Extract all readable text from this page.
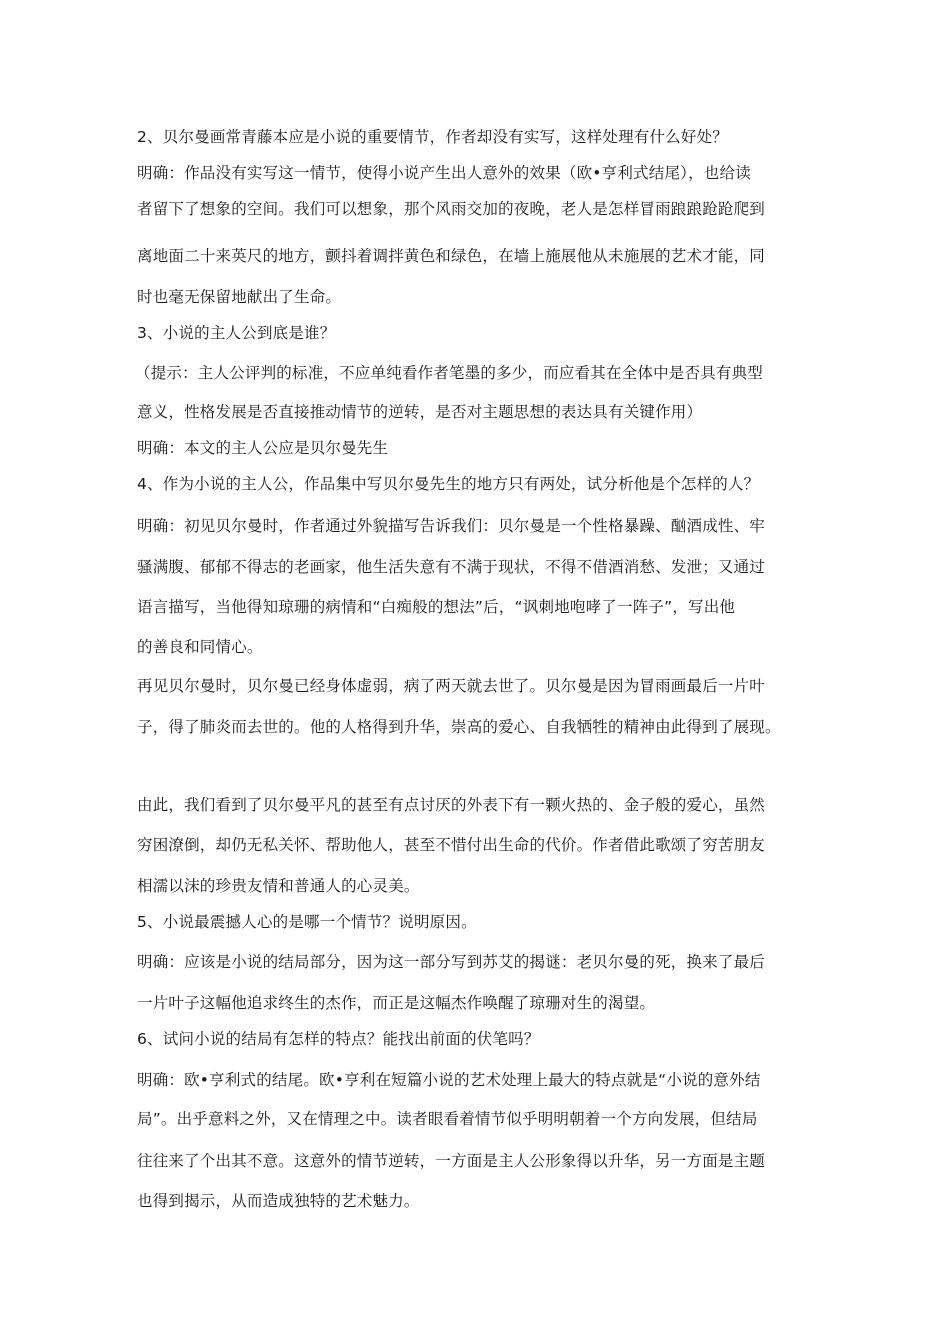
2、贝尔曼画常青藤本应是小说的重要情节，作者却没有实写，这样处理有什么好处？
明确：作品没有实写这一情节，使得小说产生出人意外的效果（欧•亨利式结尾），也给读
者留下了想象的空间。我们可以想象，那个风雨交加的夜晚，老人是怎样冒雨踉踉跄跄爬到
离地面二十来英尺的地方，颤抖着调拌黄色和绿色，在墙上施展他从未施展的艺术才能，同
时也毫无保留地献出了生命。
3、小说的主人公到底是谁？
（提示：主人公评判的标准，不应单纯看作者笔墨的多少，而应看其在全体中是否具有典型
意义，性格发展是否直接推动情节的逆转，是否对主题思想的表达具有关键作用）
明确：本文的主人公应是贝尔曼先生
4、作为小说的主人公，作品集中写贝尔曼先生的地方只有两处，试分析他是个怎样的人？
明确：初见贝尔曼时，作者通过外貌描写告诉我们：贝尔曼是一个性格暴躁、酗酒成性、牢
骚满腹、郁郁不得志的老画家，他生活失意有不满于现状，不得不借酒消愁、发泄；又通过
语言描写，当他得知琼珊的病情和“白痴般的想法”后，“讽刺地咆哮了一阵子”，写出他
的善良和同情心。
再见贝尔曼时，贝尔曼已经身体虚弱，病了两天就去世了。贝尔曼是因为冒雨画最后一片叶
子，得了肺炎而去世的。他的人格得到升华，崇高的爱心、自我牺牲的精神由此得到了展现。
由此，我们看到了贝尔曼平凡的甚至有点讨厌的外表下有一颗火热的、金子般的爱心，虽然
穷困潦倒，却仍无私关怀、帮助他人，甚至不惜付出生命的代价。作者借此歌颂了穷苦朋友
相濡以沫的珍贵友情和普通人的心灵美。
5、小说最震撼人心的是哪一个情节？说明原因。
明确：应该是小说的结局部分，因为这一部分写到苏艾的揭谜：老贝尔曼的死，换来了最后
一片叶子这幅他追求终生的杰作，而正是这幅杰作唤醒了琼珊对生的渴望。
6、试问小说的结局有怎样的特点？能找出前面的伏笔吗？
明确：欧•亨利式的结尾。欧•亨利在短篇小说的艺术处理上最大的特点就是“小说的意外结
局”。出乎意料之外，又在情理之中。读者眼看着情节似乎明明朝着一个方向发展，但结局
往往来了个出其不意。这意外的情节逆转，一方面是主人公形象得以升华，另一方面是主题
也得到揭示，从而造成独特的艺术魅力。
